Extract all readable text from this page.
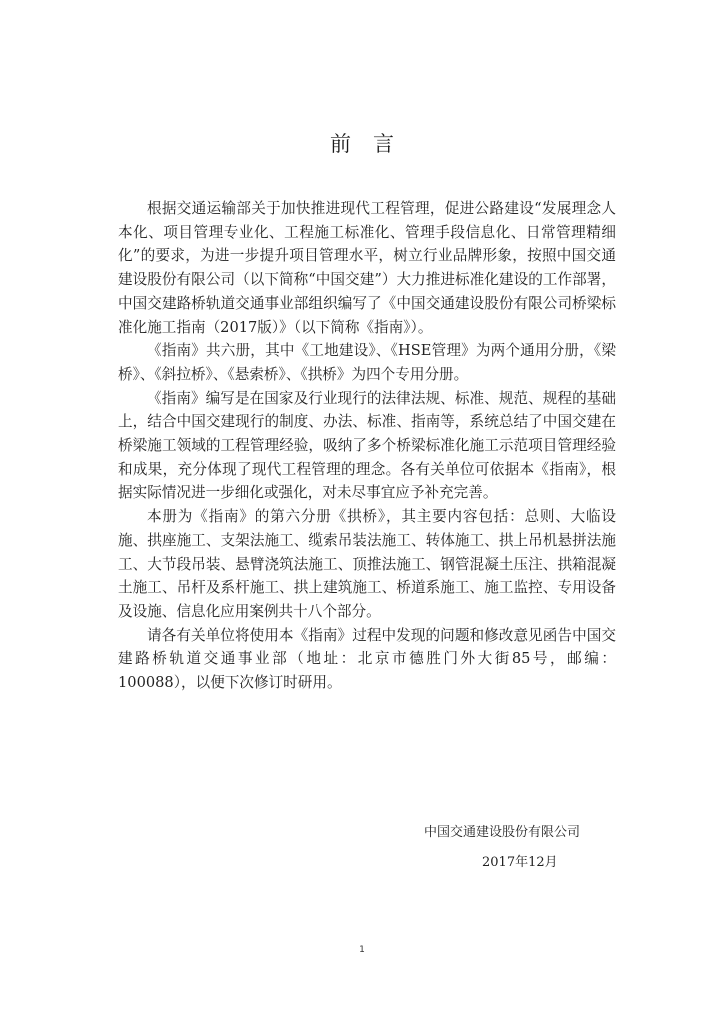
前言

根据交通运输部关于加快推进现代工程管理，促进公路建设“发展理念人本化、项目管理专业化、工程施工标准化、管理手段信息化、日常管理精细化”的要求，为进一步提升项目管理水平，树立行业品牌形象，按照中国交通建设股份有限公司（以下简称“中国交建”）大力推进标准化建设的工作部署，中国交建路桥轨道交通事业部组织编写了《中国交通建设股份有限公司桥梁标准化施工指南（2017版）》（以下简称《指南》）。

《指南》共六册，其中《工地建设》、《HSE管理》为两个通用分册，《梁桥》、《斜拉桥》、《悬索桥》、《拱桥》为四个专用分册。

《指南》编写是在国家及行业现行的法律法规、标准、规范、规程的基础上，结合中国交建现行的制度、办法、标准、指南等，系统总结了中国交建在桥梁施工领域的工程管理经验，吸纳了多个桥梁标准化施工示范项目管理经验和成果，充分体现了现代工程管理的理念。各有关单位可依据本《指南》，根据实际情况进一步细化或强化，对未尽事宜应予补充完善。

本册为《指南》的第六分册《拱桥》，其主要内容包括：总则、大临设施、拱座施工、支架法施工、缆索吊装法施工、转体施工、拱上吊机悬拼法施工、大节段吊装、悬臂浇筑法施工、顶推法施工、钢管混凝土压注、拱箱混凝土施工、吊杆及系杆施工、拱上建筑施工、桥道系施工、施工监控、专用设备及设施、信息化应用案例共十八个部分。

请各有关单位将使用本《指南》过程中发现的问题和修改意见函告中国交建路桥轨道交通事业部（地址：北京市德胜门外大街85号，邮编：100088），以便下次修订时研用。

中国交通建设股份有限公司
2017年12月
1
